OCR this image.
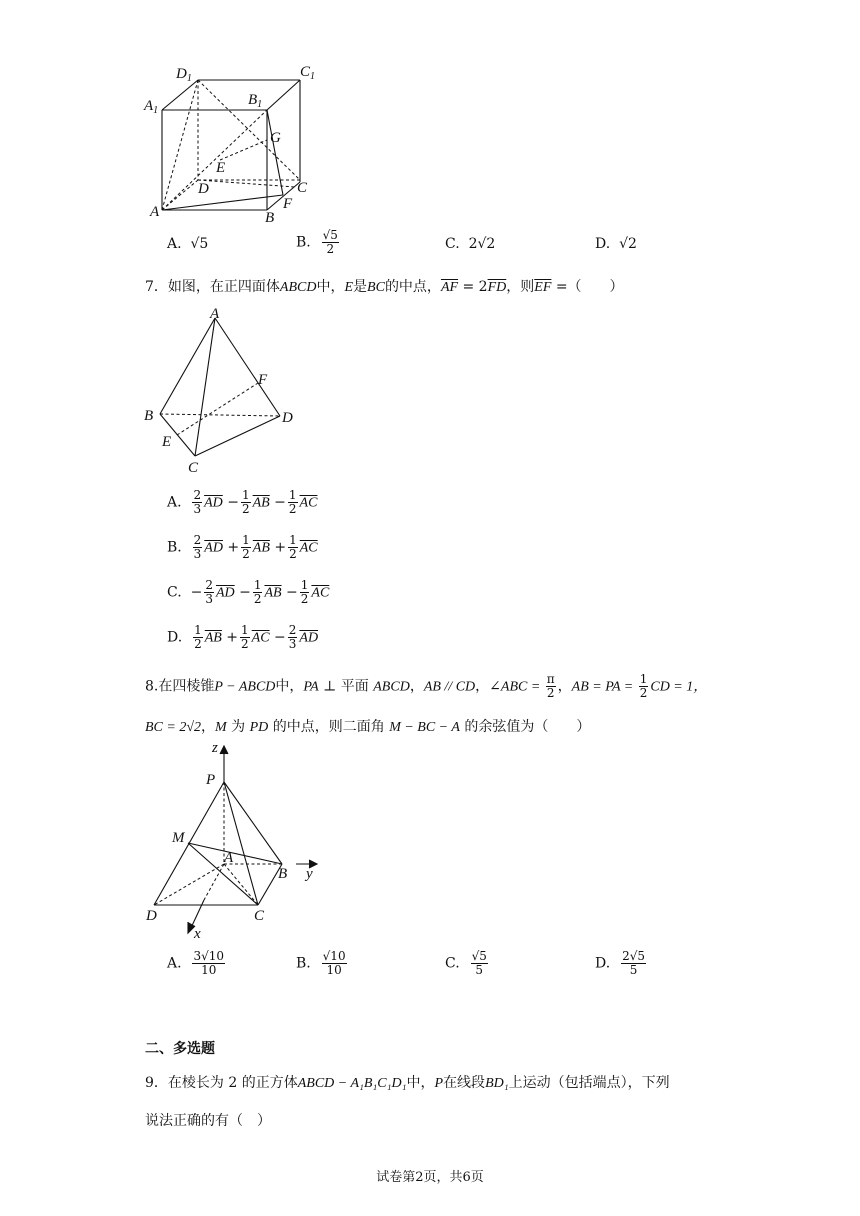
$D_1$	$C_1$
$A_1$
$B_1$
G
E
D
A	B
C
F
A. √5	B. $\frac{√5}{2}$	C. 2√2	D. √2
7．如图，在正四面体ABCD中，E是BC的中点，$\overline{AF} = 2\overline{FD}$，则$\overline{EF}$ =（　　）
A
B	D
C
E
F
A. $\frac{2}{3} \overline{AD} - \frac{1}{2} \overline{AB} - \frac{1}{2} \overline{AC}$
B. $\frac{2}{3} \overline{AD} + \frac{1}{2} \overline{AB} + \frac{1}{2} \overline{AC}$
C. − $\frac{2}{3} \overline{AD} - \frac{1}{2} \overline{AB} - \frac{1}{2} \overline{AC}$
D. $\frac{1}{2} \overline{AB} + \frac{1}{2} \overline{AC} - \frac{2}{3} \overline{AD}$
8.在四棱锥P − ABCD中，PA ⊥ 平面 ABCD，AB // CD，∠ABC = $\frac{\pi}{2}$ ，AB = PA = $\frac{1}{2}$ CD = 1，
BC = 2√2，M 为 PD 的中点，则二面角 M − BC − A 的余弦值为（　　）
z
P
M
A
B y
D	C
x
A. $\frac{3√10}{10}$	B. $\frac{√10}{10}$	C. $\frac{√5}{5}$	D. $\frac{2√5}{5}$
二、多选题
9．在棱长为 2 的正方体ABCD − A₁B₁C₁D₁中，P在线段BD₁上运动（包括端点），下列
说法正确的有（　）
试卷第2页，共6页
